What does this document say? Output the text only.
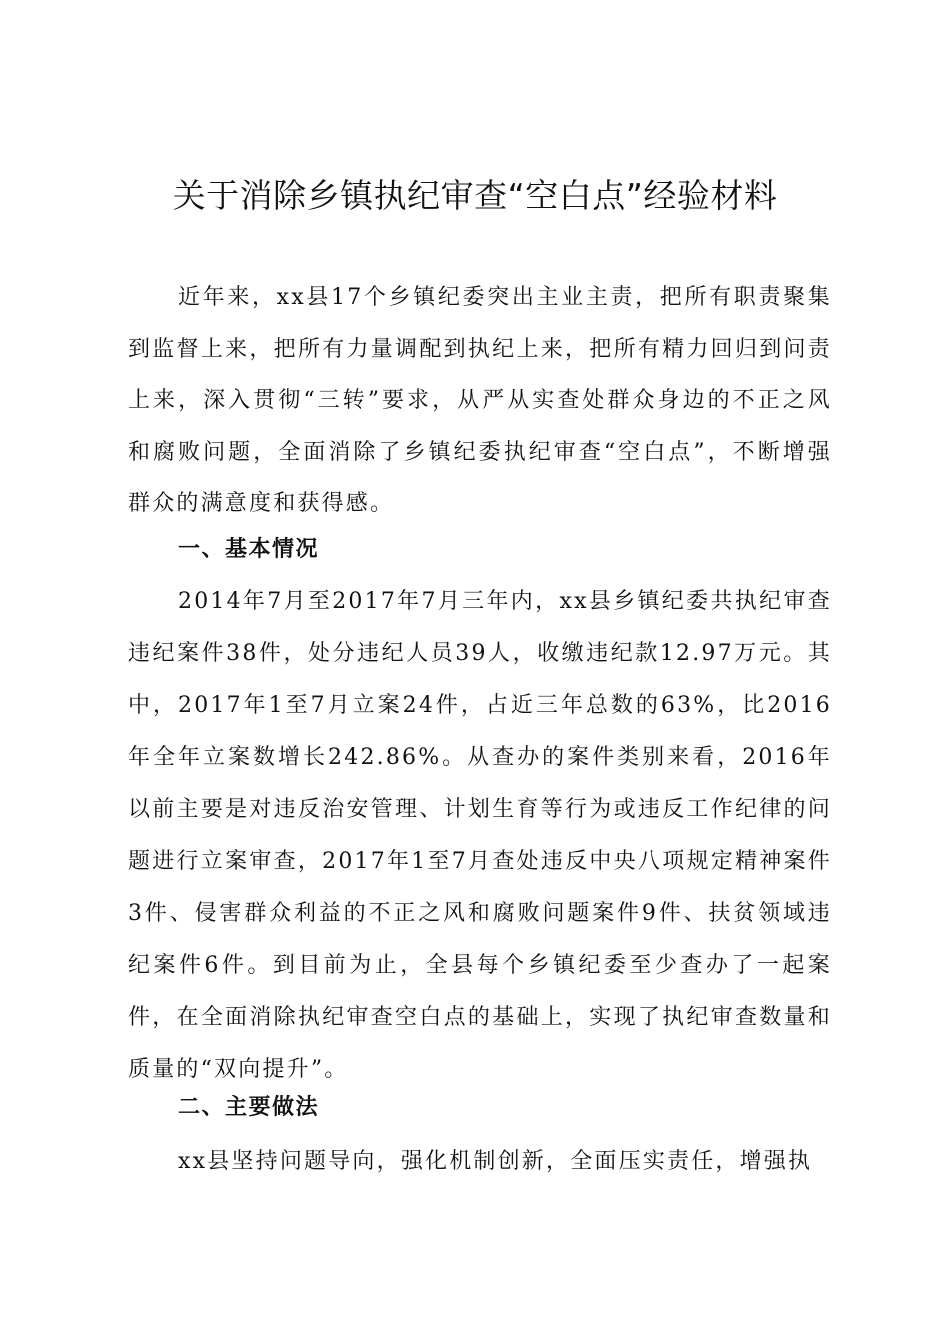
关于消除乡镇执纪审查“空白点”经验材料

近年来，xx县17个乡镇纪委突出主业主责，把所有职责聚集到监督上来，把所有力量调配到执纪上来，把所有精力回归到问责上来，深入贯彻“三转”要求，从严从实查处群众身边的不正之风和腐败问题，全面消除了乡镇纪委执纪审查“空白点”，不断增强群众的满意度和获得感。

一、基本情况

2014年7月至2017年7月三年内，xx县乡镇纪委共执纪审查违纪案件38件，处分违纪人员39人，收缴违纪款12.97万元。其中，2017年1至7月立案24件，占近三年总数的63%，比2016年全年立案数增长242.86%。从查办的案件类别来看，2016年以前主要是对违反治安管理、计划生育等行为或违反工作纪律的问题进行立案审查，2017年1至7月查处违反中央八项规定精神案件3件、侵害群众利益的不正之风和腐败问题案件9件、扶贫领域违纪案件6件。到目前为止，全县每个乡镇纪委至少查办了一起案件，在全面消除执纪审查空白点的基础上，实现了执纪审查数量和质量的“双向提升”。

二、主要做法

xx县坚持问题导向，强化机制创新，全面压实责任，增强执
